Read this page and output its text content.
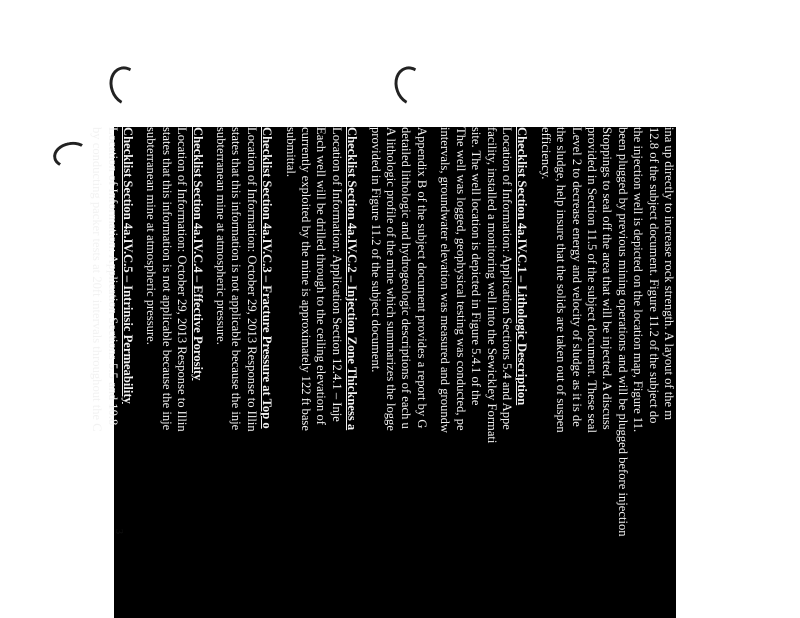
ina up directly to increase rock strength. A layout of the m
12.8 of the subject document. Figure 11.2 of the subject do
the injection well is depicted on the location map, Figure 11.
been plugged by previous mining operations and will be plugged before injection
Stoppings to seal off the area that will be injected. A discuss
provided in Section 11.5 of the subject document. These seal
Level 2 to decrease energy and velocity of sludge as it is de
the sludge, help insure that the solids are taken out of suspen
efficiency.
Checklist Section 4a.IV.C.1 – Lithologic Description
Location of Information: Application Sections 5.4 and Appe
facility, installed a monitoring well into the Sewickley Formati
site. The well location is depicted in Figure 5.4.1 of the
The well was logged, geophysical testing was conducted, pe
intervals, groundwater elevation was measured and groundw
Appendix B of the subject document provides a report by G
detailed lithologic and hydrogeologic descriptions of each u
A lithologic profile of the mine which summarizes the logge
provided in Figure 11.2 of the subject document.
Checklist Section 4a.IV.C.2 – Injection Zone Thickness a
Location of Information: Application Section 12.4.1 – Inje
Each well will be drilled through to the ceiling elevation of
currently exploited by the mine is approximately 122 ft base
submittal.
Checklist Section 4a.IV.C.3 – Fracture Pressure at Top o
Location of Information: October 29, 2013 Response to Illin
states that this information is not applicable because the inje
subterranean mine at atmospheric pressure.
Checklist Section 4a.IV.C.4 – Effective Porosity
Location of Information: October 29, 2013 Response to Illin
states that this information is not applicable because the inje
subterranean mine at atmospheric pressure.
Checklist Section 4a.IV.C.5 – Intrinsic Permeability
Location of Information: Application Sections 5.5 and 10.8
by conducting packer tests at 20ft intervals throughout the C
3
